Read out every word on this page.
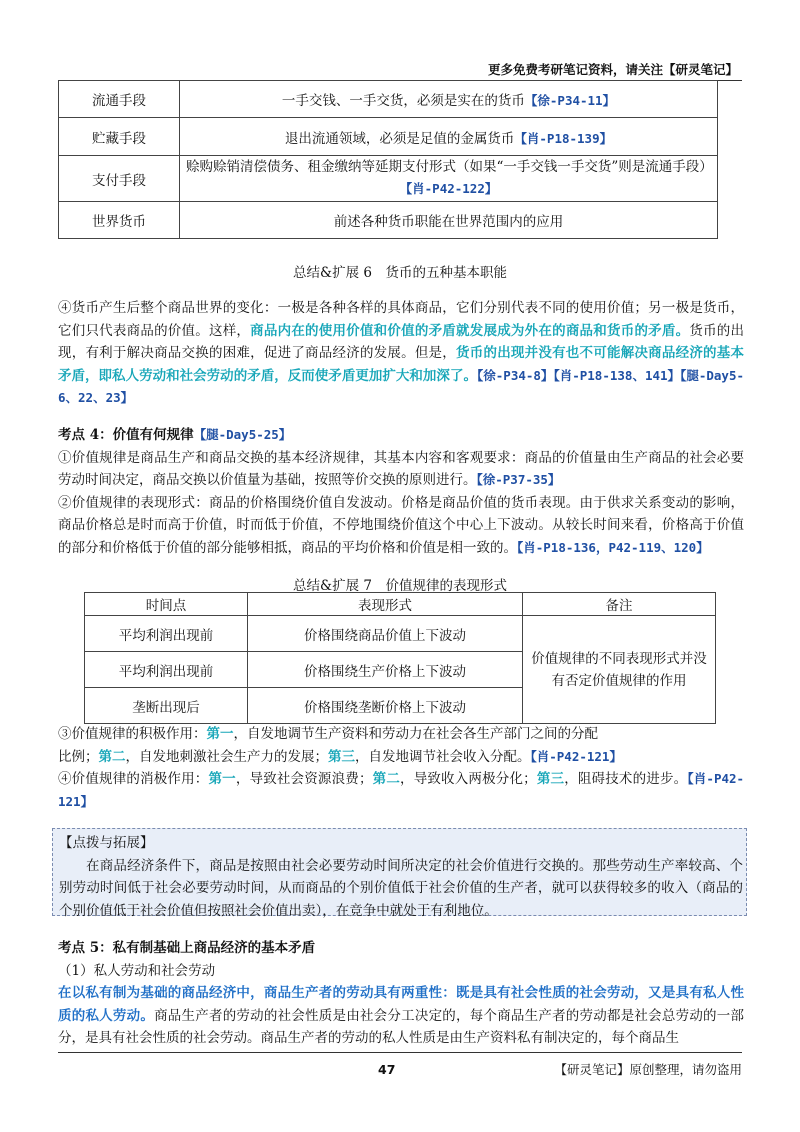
更多免费考研笔记资料，请关注【研灵笔记】
流通手段	一手交钱、一手交货，必须是实在的货币【徐-P34-11】
贮藏手段	退出流通领域，必须是足值的金属货币【肖-P18-139】
支付手段	赊购赊销清偿债务、租金缴纳等延期支付形式（如果“一手交钱一手交货”则是流通手段）【肖-P42-122】
世界货币	前述各种货币职能在世界范围内的应用
总结&扩展 6　货币的五种基本职能
④货币产生后整个商品世界的变化：一极是各种各样的具体商品，它们分别代表不同的使用价值；另一极是货币，它们只代表商品的价值。这样，商品内在的使用价值和价值的矛盾就发展成为外在的商品和货币的矛盾。货币的出现，有利于解决商品交换的困难，促进了商品经济的发展。但是，货币的出现并没有也不可能解决商品经济的基本矛盾，即私人劳动和社会劳动的矛盾，反而使矛盾更加扩大和加深了。【徐-P34-8】【肖-P18-138、141】【腿-Day5-6、22、23】
考点 4：价值有何规律【腿-Day5-25】
①价值规律是商品生产和商品交换的基本经济规律，其基本内容和客观要求：商品的价值量由生产商品的社会必要劳动时间决定，商品交换以价值量为基础，按照等价交换的原则进行。【徐-P37-35】
②价值规律的表现形式：商品的价格围绕价值自发波动。价格是商品价值的货币表现。由于供求关系变动的影响，商品价格总是时而高于价值，时而低于价值，不停地围绕价值这个中心上下波动。从较长时间来看，价格高于价值的部分和价格低于价值的部分能够相抵，商品的平均价格和价值是相一致的。【肖-P18-136，P42-119、120】
总结&扩展 7　价值规律的表现形式
时间点	表现形式	备注
平均利润出现前	价格围绕商品价值上下波动	价值规律的不同表现形式并没有否定价值规律的作用
平均利润出现前	价格围绕生产价格上下波动	
垄断出现后	价格围绕垄断价格上下波动	
③价值规律的积极作用：第一，自发地调节生产资料和劳动力在社会各生产部门之间的分配
比例；第二，自发地刺激社会生产力的发展；第三，自发地调节社会收入分配。【肖-P42-121】
④价值规律的消极作用：第一，导致社会资源浪费；第二，导致收入两极分化；第三，阻碍技术的进步。【肖-P42-121】
【点拨与拓展】
在商品经济条件下，商品是按照由社会必要劳动时间所决定的社会价值进行交换的。那些劳动生产率较高、个别劳动时间低于社会必要劳动时间，从而商品的个别价值低于社会价值的生产者，就可以获得较多的收入（商品的个别价值低于社会价值但按照社会价值出卖），在竞争中就处于有利地位。
考点 5：私有制基础上商品经济的基本矛盾
（1）私人劳动和社会劳动
在以私有制为基础的商品经济中，商品生产者的劳动具有两重性：既是具有社会性质的社会劳动，又是具有私人性质的私人劳动。商品生产者的劳动的社会性质是由社会分工决定的，每个商品生产者的劳动都是社会总劳动的一部分，是具有社会性质的社会劳动。商品生产者的劳动的私人性质是由生产资料私有制决定的，每个商品生
47	【研灵笔记】原创整理，请勿盗用
